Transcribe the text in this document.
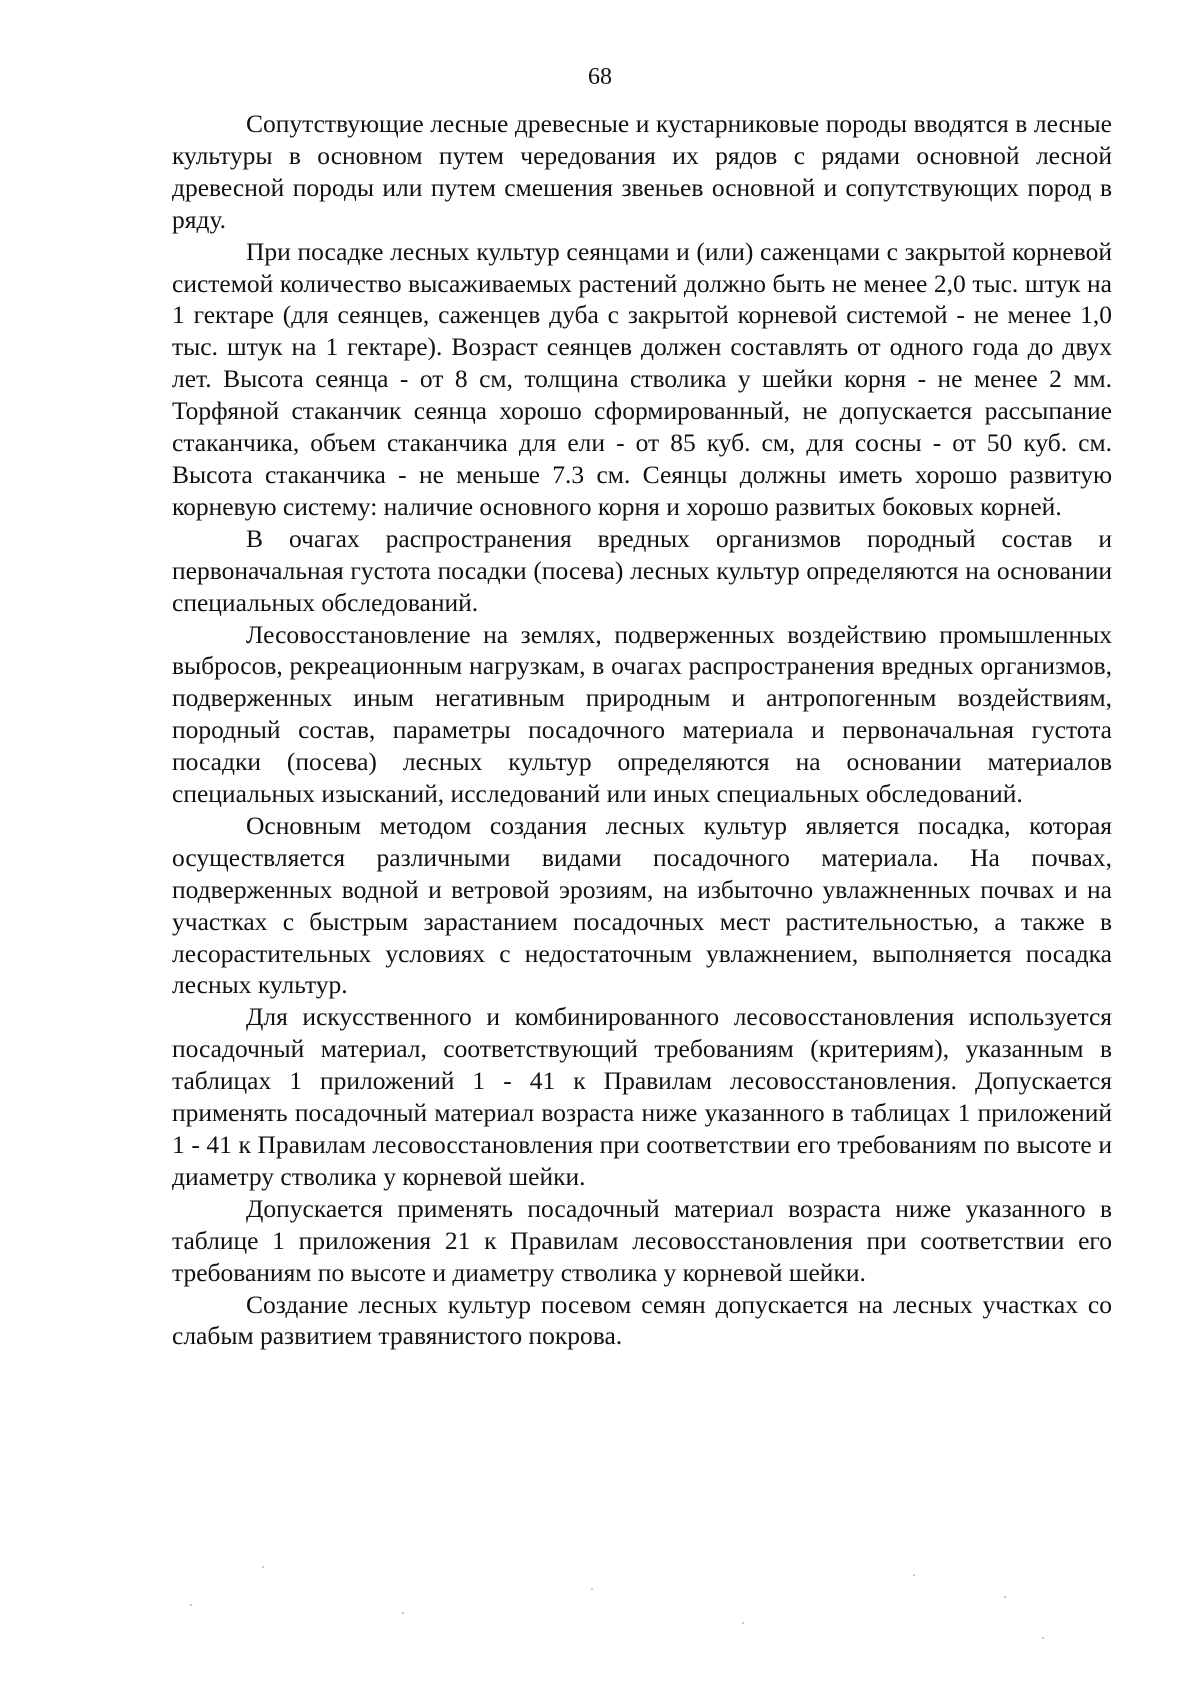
68

Сопутствующие лесные древесные и кустарниковые породы вводятся в лесные культуры в основном путем чередования их рядов с рядами основной лесной древесной породы или путем смешения звеньев основной и сопутствующих пород в ряду.

При посадке лесных культур сеянцами и (или) саженцами с закрытой корневой системой количество высаживаемых растений должно быть не менее 2,0 тыс. штук на 1 гектаре (для сеянцев, саженцев дуба с закрытой корневой системой - не менее 1,0 тыс. штук на 1 гектаре). Возраст сеянцев должен составлять от одного года до двух лет. Высота сеянца - от 8 см, толщина стволика у шейки корня - не менее 2 мм. Торфяной стаканчик сеянца хорошо сформированный, не допускается рассыпание стаканчика, объем стаканчика для ели - от 85 куб. см, для сосны - от 50 куб. см. Высота стаканчика - не меньше 7.3 см. Сеянцы должны иметь хорошо развитую корневую систему: наличие основного корня и хорошо развитых боковых корней.

В очагах распространения вредных организмов породный состав и первоначальная густота посадки (посева) лесных культур определяются на основании специальных обследований.

Лесовосстановление на землях, подверженных воздействию промышленных выбросов, рекреационным нагрузкам, в очагах распространения вредных организмов, подверженных иным негативным природным и антропогенным воздействиям, породный состав, параметры посадочного материала и первоначальная густота посадки (посева) лесных культур определяются на основании материалов специальных изысканий, исследований или иных специальных обследований.

Основным методом создания лесных культур является посадка, которая осуществляется различными видами посадочного материала. На почвах, подверженных водной и ветровой эрозиям, на избыточно увлажненных почвах и на участках с быстрым зарастанием посадочных мест растительностью, а также в лесорастительных условиях с недостаточным увлажнением, выполняется посадка лесных культур.

Для искусственного и комбинированного лесовосстановления используется посадочный материал, соответствующий требованиям (критериям), указанным в таблицах 1 приложений 1 - 41 к Правилам лесовосстановления. Допускается применять посадочный материал возраста ниже указанного в таблицах 1 приложений 1 - 41 к Правилам лесовосстановления при соответствии его требованиям по высоте и диаметру стволика у корневой шейки.

Допускается применять посадочный материал возраста ниже указанного в таблице 1 приложения 21 к Правилам лесовосстановления при соответствии его требованиям по высоте и диаметру стволика у корневой шейки.

Создание лесных культур посевом семян допускается на лесных участках со слабым развитием травянистого покрова.
